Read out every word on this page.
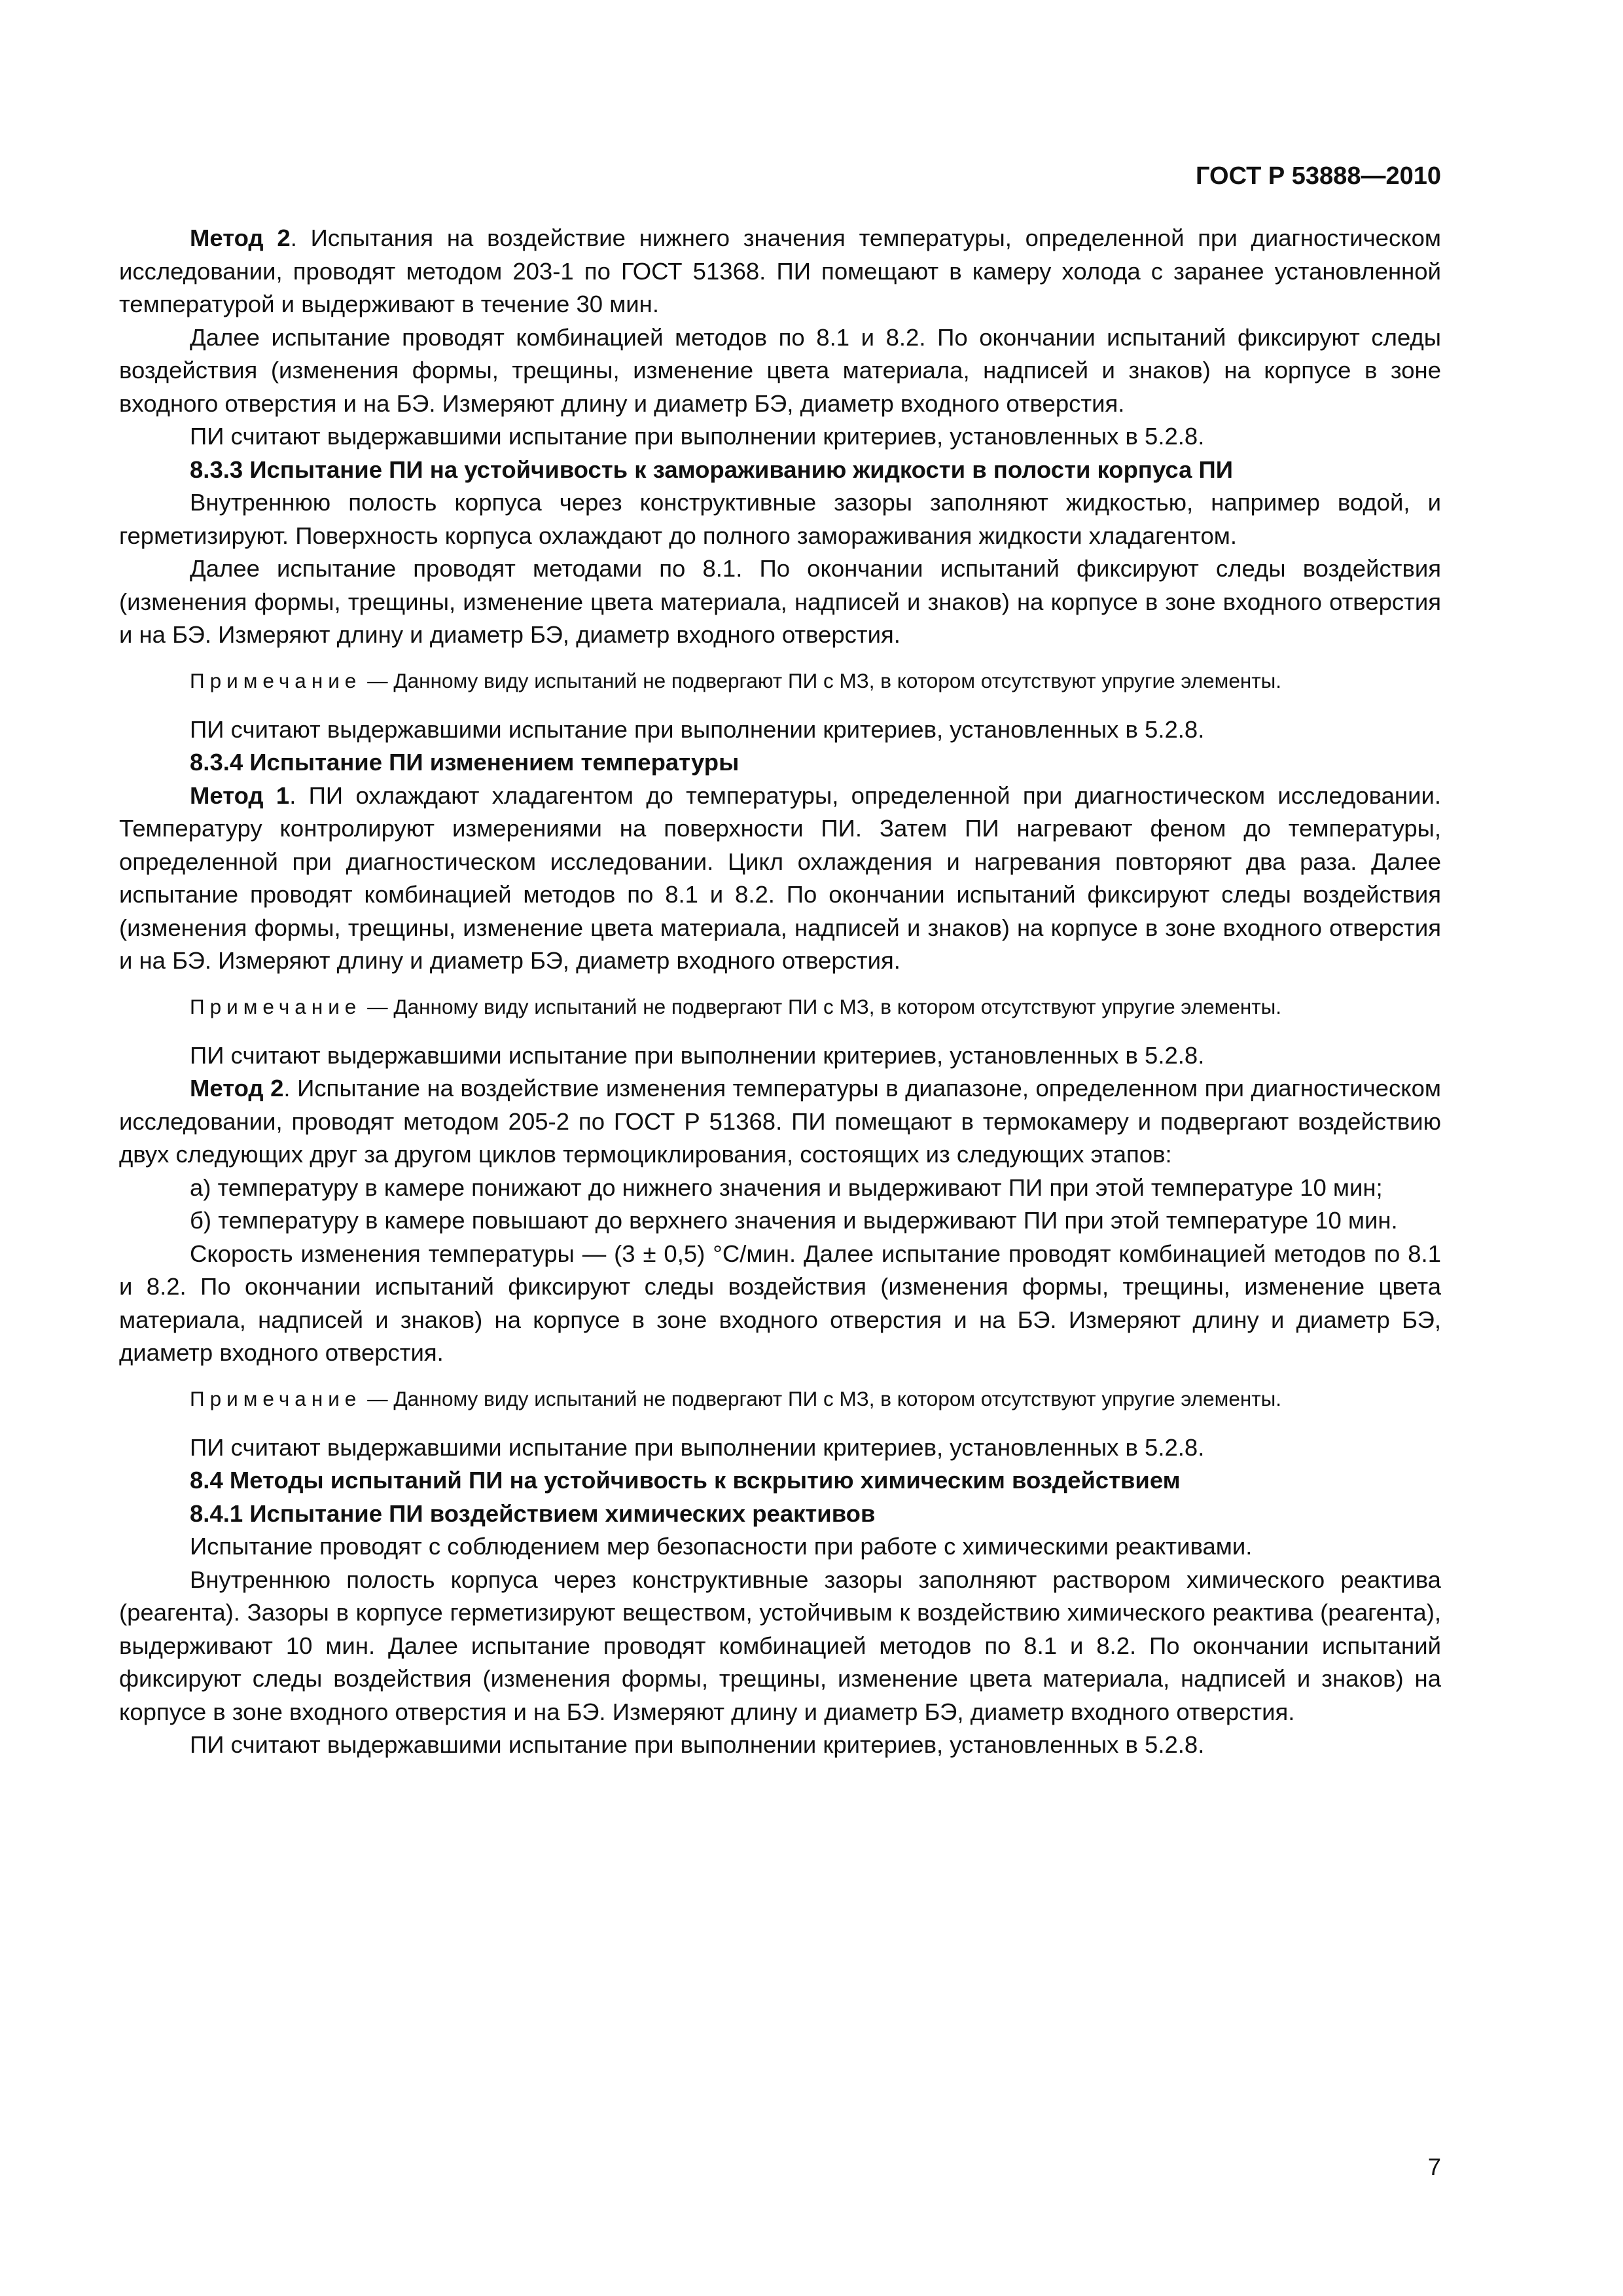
ГОСТ Р 53888—2010

Метод 2. Испытания на воздействие нижнего значения температуры, определенной при диагностическом исследовании, проводят методом 203-1 по ГОСТ 51368. ПИ помещают в камеру холода с заранее установленной температурой и выдерживают в течение 30 мин.

Далее испытание проводят комбинацией методов по 8.1 и 8.2. По окончании испытаний фиксируют следы воздействия (изменения формы, трещины, изменение цвета материала, надписей и знаков) на корпусе в зоне входного отверстия и на БЭ. Измеряют длину и диаметр БЭ, диаметр входного отверстия.

ПИ считают выдержавшими испытание при выполнении критериев, установленных в 5.2.8.

8.3.3 Испытание ПИ на устойчивость к замораживанию жидкости в полости корпуса ПИ

Внутреннюю полость корпуса через конструктивные зазоры заполняют жидкостью, например водой, и герметизируют. Поверхность корпуса охлаждают до полного замораживания жидкости хладагентом.

Далее испытание проводят методами по 8.1. По окончании испытаний фиксируют следы воздействия (изменения формы, трещины, изменение цвета материала, надписей и знаков) на корпусе в зоне входного отверстия и на БЭ. Измеряют длину и диаметр БЭ, диаметр входного отверстия.

Примечание — Данному виду испытаний не подвергают ПИ с МЗ, в котором отсутствуют упругие элементы.

ПИ считают выдержавшими испытание при выполнении критериев, установленных в 5.2.8.

8.3.4 Испытание ПИ изменением температуры

Метод 1. ПИ охлаждают хладагентом до температуры, определенной при диагностическом исследовании. Температуру контролируют измерениями на поверхности ПИ. Затем ПИ нагревают феном до температуры, определенной при диагностическом исследовании. Цикл охлаждения и нагревания повторяют два раза. Далее испытание проводят комбинацией методов по 8.1 и 8.2. По окончании испытаний фиксируют следы воздействия (изменения формы, трещины, изменение цвета материала, надписей и знаков) на корпусе в зоне входного отверстия и на БЭ. Измеряют длину и диаметр БЭ, диаметр входного отверстия.

Примечание — Данному виду испытаний не подвергают ПИ с МЗ, в котором отсутствуют упругие элементы.

ПИ считают выдержавшими испытание при выполнении критериев, установленных в 5.2.8.

Метод 2. Испытание на воздействие изменения температуры в диапазоне, определенном при диагностическом исследовании, проводят методом 205-2 по ГОСТ Р 51368. ПИ помещают в термокамеру и подвергают воздействию двух следующих друг за другом циклов термоциклирования, состоящих из следующих этапов:

а) температуру в камере понижают до нижнего значения и выдерживают ПИ при этой температуре 10 мин;

б) температуру в камере повышают до верхнего значения и выдерживают ПИ при этой температуре 10 мин.

Скорость изменения температуры — (3 ± 0,5) °С/мин. Далее испытание проводят комбинацией методов по 8.1 и 8.2. По окончании испытаний фиксируют следы воздействия (изменения формы, трещины, изменение цвета материала, надписей и знаков) на корпусе в зоне входного отверстия и на БЭ. Измеряют длину и диаметр БЭ, диаметр входного отверстия.

Примечание — Данному виду испытаний не подвергают ПИ с МЗ, в котором отсутствуют упругие элементы.

ПИ считают выдержавшими испытание при выполнении критериев, установленных в 5.2.8.

8.4 Методы испытаний ПИ на устойчивость к вскрытию химическим воздействием

8.4.1 Испытание ПИ воздействием химических реактивов

Испытание проводят с соблюдением мер безопасности при работе с химическими реактивами.

Внутреннюю полость корпуса через конструктивные зазоры заполняют раствором химического реактива (реагента). Зазоры в корпусе герметизируют веществом, устойчивым к воздействию химического реактива (реагента), выдерживают 10 мин. Далее испытание проводят комбинацией методов по 8.1 и 8.2. По окончании испытаний фиксируют следы воздействия (изменения формы, трещины, изменение цвета материала, надписей и знаков) на корпусе в зоне входного отверстия и на БЭ. Измеряют длину и диаметр БЭ, диаметр входного отверстия.

ПИ считают выдержавшими испытание при выполнении критериев, установленных в 5.2.8.

7
